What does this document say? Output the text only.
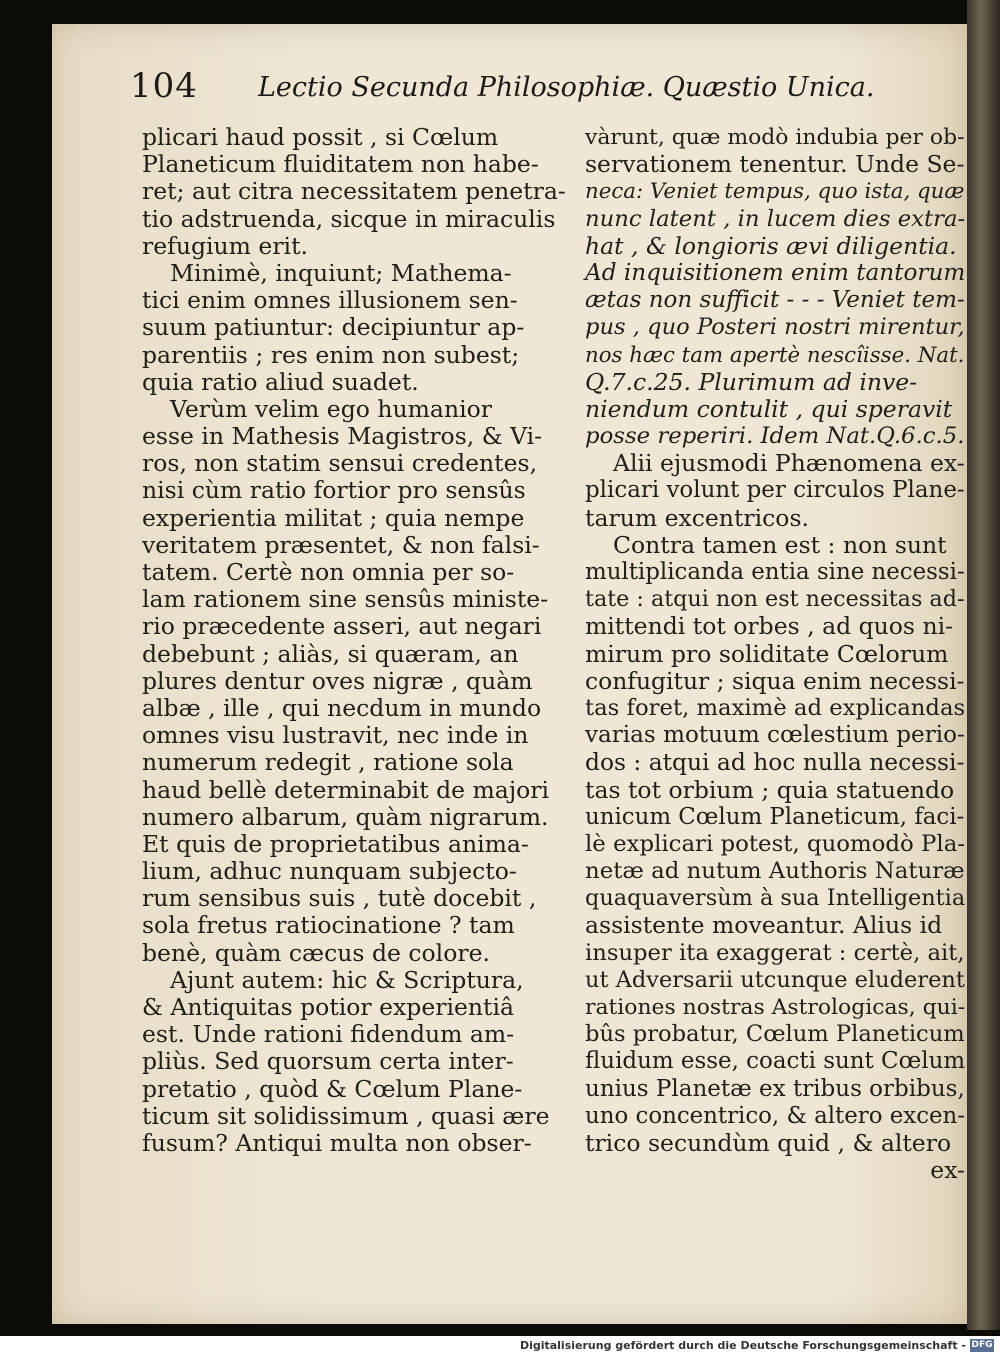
104 Lectio Secunda Philosophiæ. Quæstio Unica.
plicari haud possit , si Cœlum
Planeticum fluiditatem non habe-
ret; aut citra necessitatem penetra-
tio adstruenda, sicque in miraculis
refugium erit.
Minimè, inquiunt; Mathema-
tici enim omnes illusionem sen-
suum patiuntur: decipiuntur ap-
parentiis ; res enim non subest;
quia ratio aliud suadet.
Verùm velim ego humanior
esse in Mathesis Magistros, & Vi-
ros, non statim sensui credentes,
nisi cùm ratio fortior pro sensûs
experientia militat ; quia nempe
veritatem præsentet, & non falsi-
tatem. Certè non omnia per so-
lam rationem sine sensûs ministe-
rio præcedente asseri, aut negari
debebunt ; aliàs, si quæram, an
plures dentur oves nigræ , quàm
albæ , ille , qui necdum in mundo
omnes visu lustravit, nec inde in
numerum redegit , ratione sola
haud bellè determinabit de majori
numero albarum, quàm nigrarum.
Et quis de proprietatibus anima-
lium, adhuc nunquam subjecto-
rum sensibus suis , tutè docebit ,
sola fretus ratiocinatione ? tam
benè, quàm cæcus de colore.
Ajunt autem: hic & Scriptura,
& Antiquitas potior experientiâ
est. Unde rationi fidendum am-
pliùs. Sed quorsum certa inter-
pretatio , quòd & Cœlum Plane-
ticum sit solidissimum , quasi ære
fusum? Antiqui multa non obser-
vàrunt, quæ modò indubia per ob-
servationem tenentur. Unde Se-
neca: Veniet tempus, quo ista, quæ
nunc latent , in lucem dies extra-
hat , & longioris ævi diligentia.
Ad inquisitionem enim tantorum
ætas non sufficit - - - Veniet tem-
pus , quo Posteri nostri mirentur,
nos hæc tam apertè nescîisse. Nat.
Q.7.c.25. Plurimum ad inve-
niendum contulit , qui speravit
posse reperiri. Idem Nat.Q.6.c.5.
Alii ejusmodi Phænomena ex-
plicari volunt per circulos Plane-
tarum excentricos.
Contra tamen est : non sunt
multiplicanda entia sine necessi-
tate : atqui non est necessitas ad-
mittendi tot orbes , ad quos ni-
mirum pro soliditate Cœlorum
confugitur ; siqua enim necessi-
tas foret, maximè ad explicandas
varias motuum cœlestium perio-
dos : atqui ad hoc nulla necessi-
tas tot orbium ; quia statuendo
unicum Cœlum Planeticum, faci-
lè explicari potest, quomodò Pla-
netæ ad nutum Authoris Naturæ
quaquaversùm à sua Intelligentia
assistente moveantur. Alius id
insuper ita exaggerat : certè, ait,
ut Adversarii utcunque eluderent
rationes nostras Astrologicas, qui-
bûs probatur, Cœlum Planeticum
fluidum esse, coacti sunt Cœlum
unius Planetæ ex tribus orbibus,
uno concentrico, & altero excen-
trico secundùm quid , & altero
ex-
Digitalisierung gefördert durch die Deutsche Forschungsgemeinschaft - DFG
